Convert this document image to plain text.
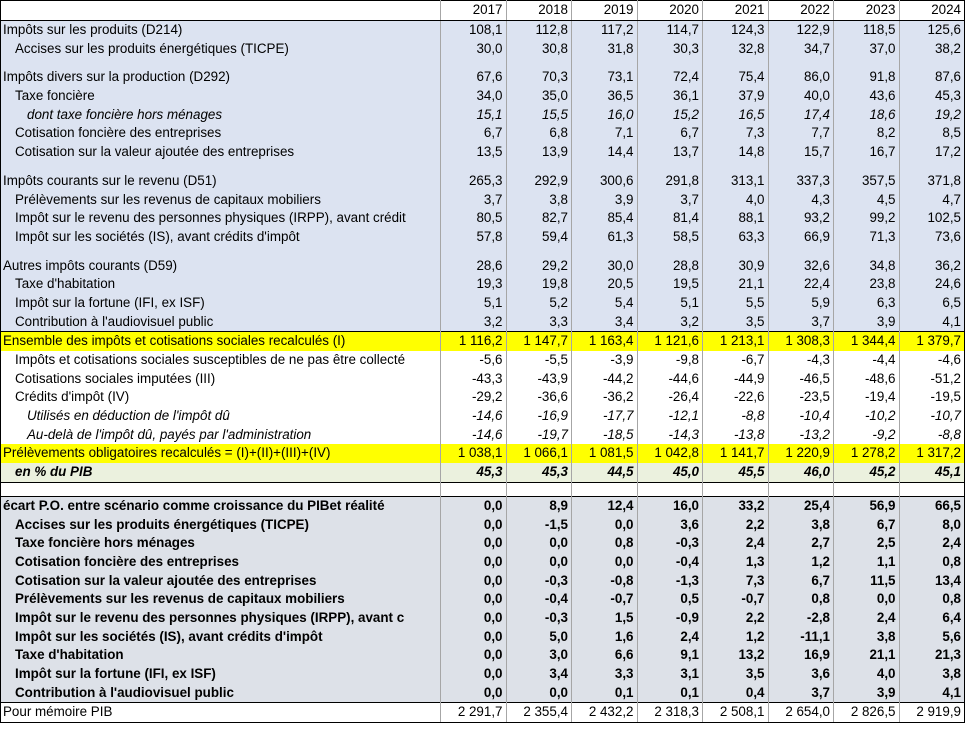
	2017	2018	2019	2020	2021	2022	2023	2024
Impôts sur les produits (D214)	108,1	112,8	117,2	114,7	124,3	122,9	118,5	125,6
Accises sur les produits énergétiques (TICPE)	30,0	30,8	31,8	30,3	32,8	34,7	37,0	38,2

Impôts divers sur la production (D292)	67,6	70,3	73,1	72,4	75,4	86,0	91,8	87,6
Taxe foncière	34,0	35,0	36,5	36,1	37,9	40,0	43,6	45,3
dont taxe foncière hors ménages	15,1	15,5	16,0	15,2	16,5	17,4	18,6	19,2
Cotisation foncière des entreprises	6,7	6,8	7,1	6,7	7,3	7,7	8,2	8,5
Cotisation sur la valeur ajoutée des entreprises	13,5	13,9	14,4	13,7	14,8	15,7	16,7	17,2

Impôts courants sur le revenu (D51)	265,3	292,9	300,6	291,8	313,1	337,3	357,5	371,8
Prélèvements sur les revenus de capitaux mobiliers	3,7	3,8	3,9	3,7	4,0	4,3	4,5	4,7
Impôt sur le revenu des personnes physiques (IRPP), avant crédit	80,5	82,7	85,4	81,4	88,1	93,2	99,2	102,5
Impôt sur les sociétés (IS), avant crédits d'impôt	57,8	59,4	61,3	58,5	63,3	66,9	71,3	73,6

Autres impôts courants (D59)	28,6	29,2	30,0	28,8	30,9	32,6	34,8	36,2
Taxe d'habitation	19,3	19,8	20,5	19,5	21,1	22,4	23,8	24,6
Impôt sur la fortune (IFI, ex ISF)	5,1	5,2	5,4	5,1	5,5	5,9	6,3	6,5
Contribution à l'audiovisuel public	3,2	3,3	3,4	3,2	3,5	3,7	3,9	4,1
Ensemble des impôts et cotisations sociales recalculés (I)	1 116,2	1 147,7	1 163,4	1 121,6	1 213,1	1 308,3	1 344,4	1 379,7
Impôts et cotisations sociales susceptibles de ne pas être collecté	-5,6	-5,5	-3,9	-9,8	-6,7	-4,3	-4,4	-4,6
Cotisations sociales imputées (III)	-43,3	-43,9	-44,2	-44,6	-44,9	-46,5	-48,6	-51,2
Crédits d'impôt (IV)	-29,2	-36,6	-36,2	-26,4	-22,6	-23,5	-19,4	-19,5
Utilisés en déduction de l'impôt dû	-14,6	-16,9	-17,7	-12,1	-8,8	-10,4	-10,2	-10,7
Au-delà de l'impôt dû, payés par l'administration	-14,6	-19,7	-18,5	-14,3	-13,8	-13,2	-9,2	-8,8
Prélèvements obligatoires recalculés = (I)+(II)+(III)+(IV)	1 038,1	1 066,1	1 081,5	1 042,8	1 141,7	1 220,9	1 278,2	1 317,2
en % du PIB	45,3	45,3	44,5	45,0	45,5	46,0	45,2	45,1

écart P.O. entre scénario comme croissance du PIBet réalité	0,0	8,9	12,4	16,0	33,2	25,4	56,9	66,5
Accises sur les produits énergétiques (TICPE)	0,0	-1,5	0,0	3,6	2,2	3,8	6,7	8,0
Taxe foncière hors ménages	0,0	0,0	0,8	-0,3	2,4	2,7	2,5	2,4
Cotisation foncière des entreprises	0,0	0,0	0,0	-0,4	1,3	1,2	1,1	0,8
Cotisation sur la valeur ajoutée des entreprises	0,0	-0,3	-0,8	-1,3	7,3	6,7	11,5	13,4
Prélèvements sur les revenus de capitaux mobiliers	0,0	-0,4	-0,7	0,5	-0,7	0,8	0,0	0,8
Impôt sur le revenu des personnes physiques (IRPP), avant c	0,0	-0,3	1,5	-0,9	2,2	-2,8	2,4	6,4
Impôt sur les sociétés (IS), avant crédits d'impôt	0,0	5,0	1,6	2,4	1,2	-11,1	3,8	5,6
Taxe d'habitation	0,0	3,0	6,6	9,1	13,2	16,9	21,1	21,3
Impôt sur la fortune (IFI, ex ISF)	0,0	3,4	3,3	3,1	3,5	3,6	4,0	3,8
Contribution à l'audiovisuel public	0,0	0,0	0,1	0,1	0,4	3,7	3,9	4,1
Pour mémoire PIB	2 291,7	2 355,4	2 432,2	2 318,3	2 508,1	2 654,0	2 826,5	2 919,9
